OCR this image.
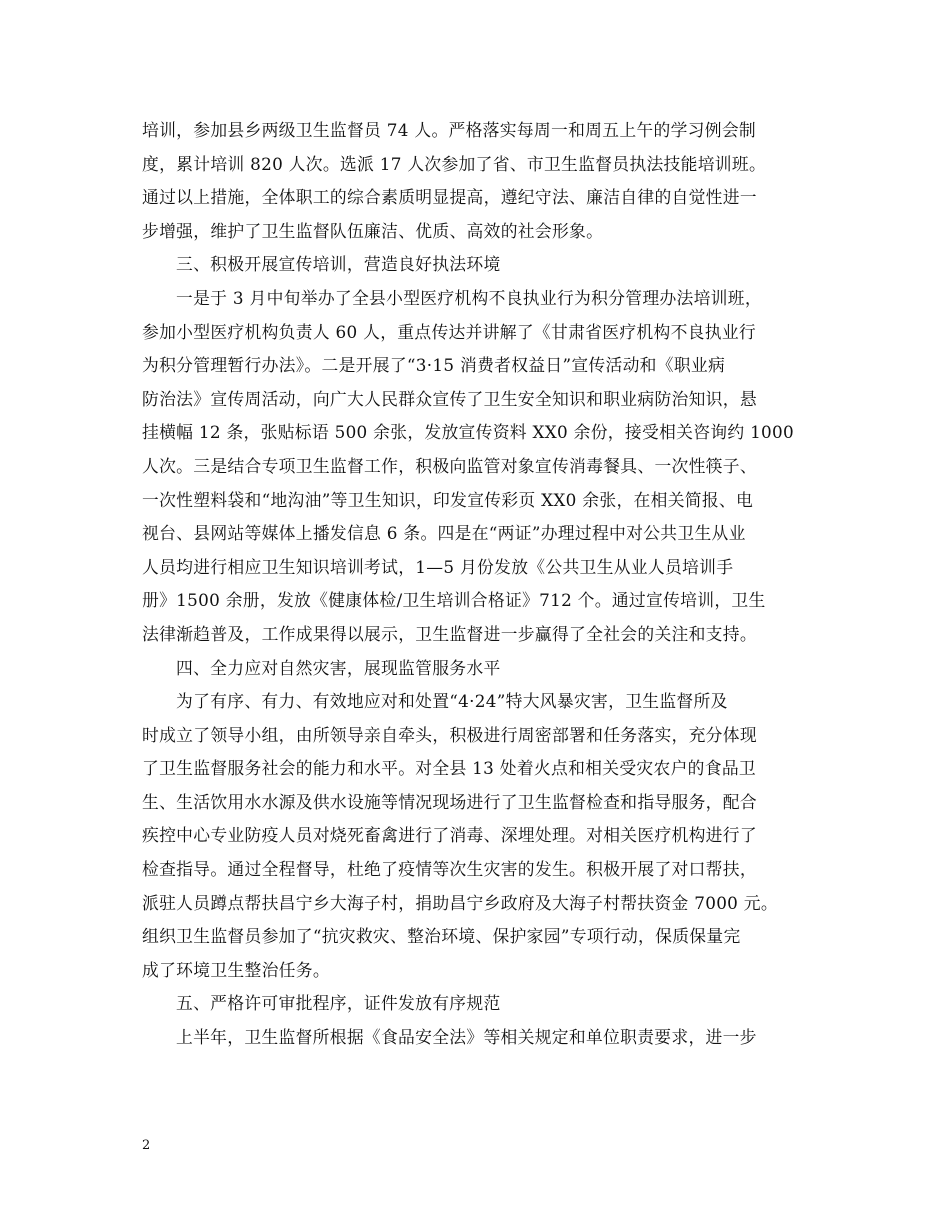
培训，参加县乡两级卫生监督员 74 人。严格落实每周一和周五上午的学习例会制
度，累计培训 820 人次。选派 17 人次参加了省、市卫生监督员执法技能培训班。
通过以上措施，全体职工的综合素质明显提高，遵纪守法、廉洁自律的自觉性进一
步增强，维护了卫生监督队伍廉洁、优质、高效的社会形象。
三、积极开展宣传培训，营造良好执法环境
一是于 3 月中旬举办了全县小型医疗机构不良执业行为积分管理办法培训班，
参加小型医疗机构负责人 60 人，重点传达并讲解了《甘肃省医疗机构不良执业行
为积分管理暂行办法》。二是开展了“3·15 消费者权益日”宣传活动和《职业病
防治法》宣传周活动，向广大人民群众宣传了卫生安全知识和职业病防治知识，悬
挂横幅 12 条，张贴标语 500 余张，发放宣传资料 XX0 余份，接受相关咨询约 1000
人次。三是结合专项卫生监督工作，积极向监管对象宣传消毒餐具、一次性筷子、
一次性塑料袋和“地沟油”等卫生知识，印发宣传彩页 XX0 余张，在相关简报、电
视台、县网站等媒体上播发信息 6 条。四是在“两证”办理过程中对公共卫生从业
人员均进行相应卫生知识培训考试，1—5 月份发放《公共卫生从业人员培训手
册》1500 余册，发放《健康体检/卫生培训合格证》712 个。通过宣传培训，卫生
法律渐趋普及，工作成果得以展示，卫生监督进一步赢得了全社会的关注和支持。
四、全力应对自然灾害，展现监管服务水平
为了有序、有力、有效地应对和处置“4·24”特大风暴灾害，卫生监督所及
时成立了领导小组，由所领导亲自牵头，积极进行周密部署和任务落实，充分体现
了卫生监督服务社会的能力和水平。对全县 13 处着火点和相关受灾农户的食品卫
生、生活饮用水水源及供水设施等情况现场进行了卫生监督检查和指导服务，配合
疾控中心专业防疫人员对烧死畜禽进行了消毒、深埋处理。对相关医疗机构进行了
检查指导。通过全程督导，杜绝了疫情等次生灾害的发生。积极开展了对口帮扶，
派驻人员蹲点帮扶昌宁乡大海子村，捐助昌宁乡政府及大海子村帮扶资金 7000 元。
组织卫生监督员参加了“抗灾救灾、整治环境、保护家园”专项行动，保质保量完
成了环境卫生整治任务。
五、严格许可审批程序，证件发放有序规范
上半年，卫生监督所根据《食品安全法》等相关规定和单位职责要求，进一步
2
